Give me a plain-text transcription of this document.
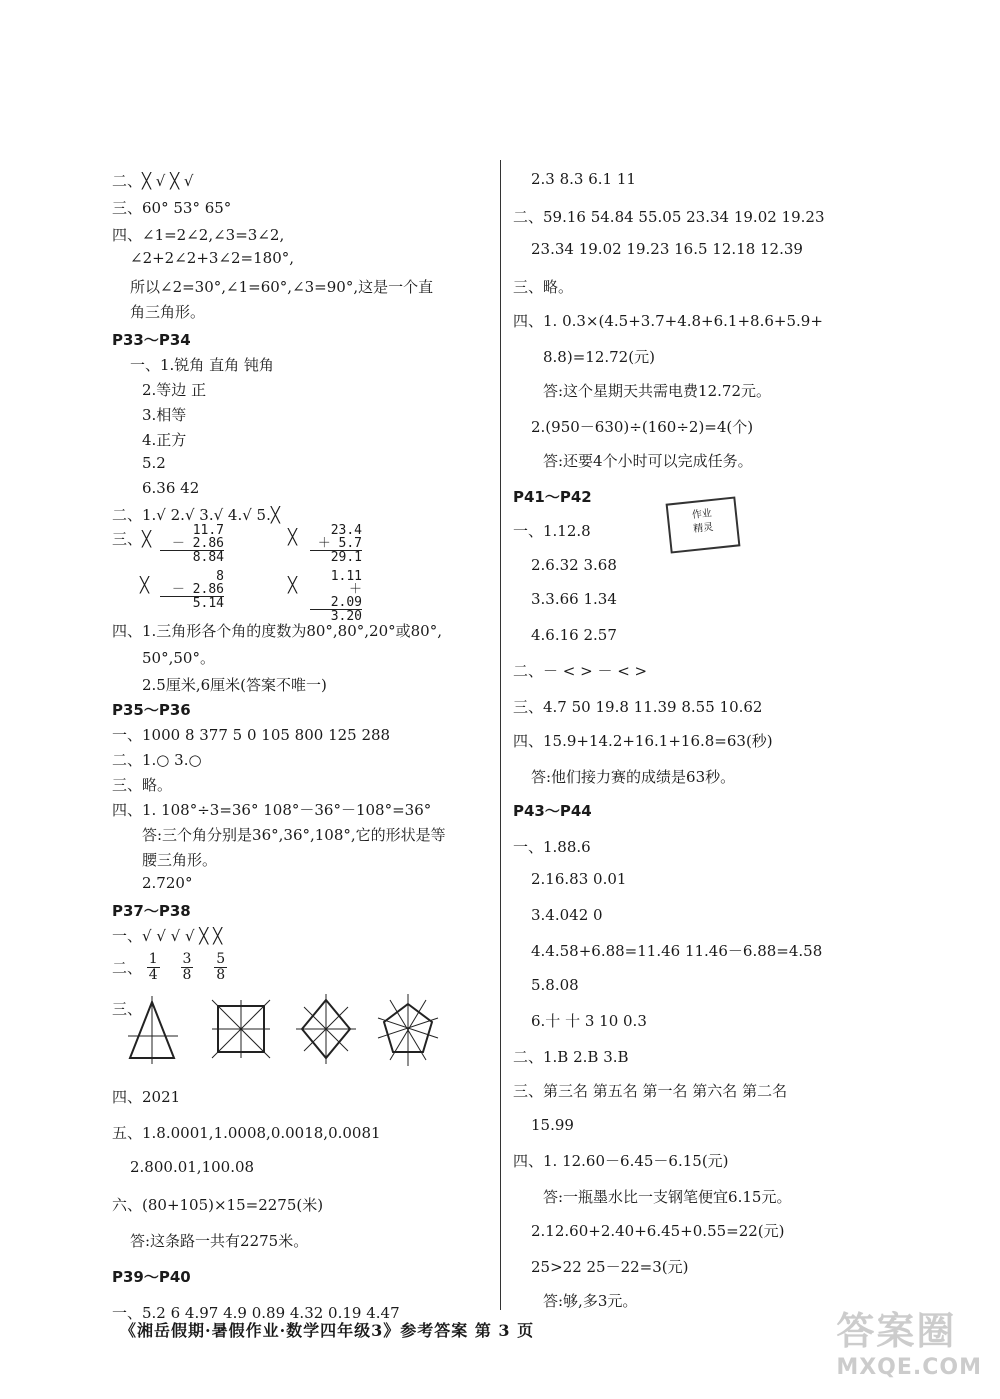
二、╳ √ ╳ √
三、60° 53° 65°
四、∠1=2∠2,∠3=3∠2,
∠2+2∠2+3∠2=180°,
所以∠2=30°,∠1=60°,∠3=90°,这是一个直
角三角形。
P33～P34
一、1.锐角 直角 钝角
2.等边 正
3.相等
4.正方
5.2
6.36 42
二、1.√ 2.√ 3.√ 4.√ 5.╳
三、╳	11.7
－ 2.86
8.84
╳	23.4
＋ 5.7
29.1
╳	8
－ 2.86
5.14
╳	1.11
＋ 2.09
3.20
四、1.三角形各个角的度数为80°,80°,20°或80°,
50°,50°。
2.5厘米,6厘米(答案不唯一)
P35～P36
一、1000 8 377 5 0 105 800 125 288
二、1.○ 3.○
三、略。
四、1. 108°÷3=36° 108°－36°－108°=36°
答:三个角分别是36°,36°,108°,它的形状是等
腰三角形。
2.720°
P37～P38
一、√ √ √ √ ╳ ╳
二、 $\frac{1}{4}$
$\frac{3}{8}$
$\frac{5}{8}$
三、
四、2021
五、1.8.0001,1.0008,0.0018,0.0081
2.800.01,100.08
六、(80+105)×15=2275(米)
答:这条路一共有2275米。
P39～P40
一、5.2 6 4.97 4.9 0.89 4.32 0.19 4.47
2.3 8.3 6.1 11
二、59.16 54.84 55.05 23.34 19.02 19.23
23.34 19.02 19.23 16.5 12.18 12.39
三、略。
四、1. 0.3×(4.5+3.7+4.8+6.1+8.6+5.9+
8.8)=12.72(元)
答:这个星期天共需电费12.72元。
2.(950－630)÷(160÷2)=4(个)
答:还要4个小时可以完成任务。
P41～P42
一、1.12.8
2.6.32 3.68
3.3.66 1.34
4.6.16 2.57
二、－ < > － < >
三、4.7 50 19.8 11.39 8.55 10.62
四、15.9+14.2+16.1+16.8=63(秒)
答:他们接力赛的成绩是63秒。
P43～P44
一、1.88.6
2.16.83 0.01
3.4.042 0
4.4.58+6.88=11.46 11.46－6.88=4.58
5.8.08
6.十 十 3 10 0.3
二、1.B 2.B 3.B
三、第三名 第五名 第一名 第六名 第二名
15.99
四、1. 12.60－6.45－6.15(元)
答:一瓶墨水比一支钢笔便宜6.15元。
2.12.60+2.40+6.45+0.55=22(元)
25>22 25－22=3(元)
答:够,多3元。
作业
精灵
《湘岳假期·暑假作业·数学四年级3》参考答案 第 3 页	答案圈
MXQE.COM
